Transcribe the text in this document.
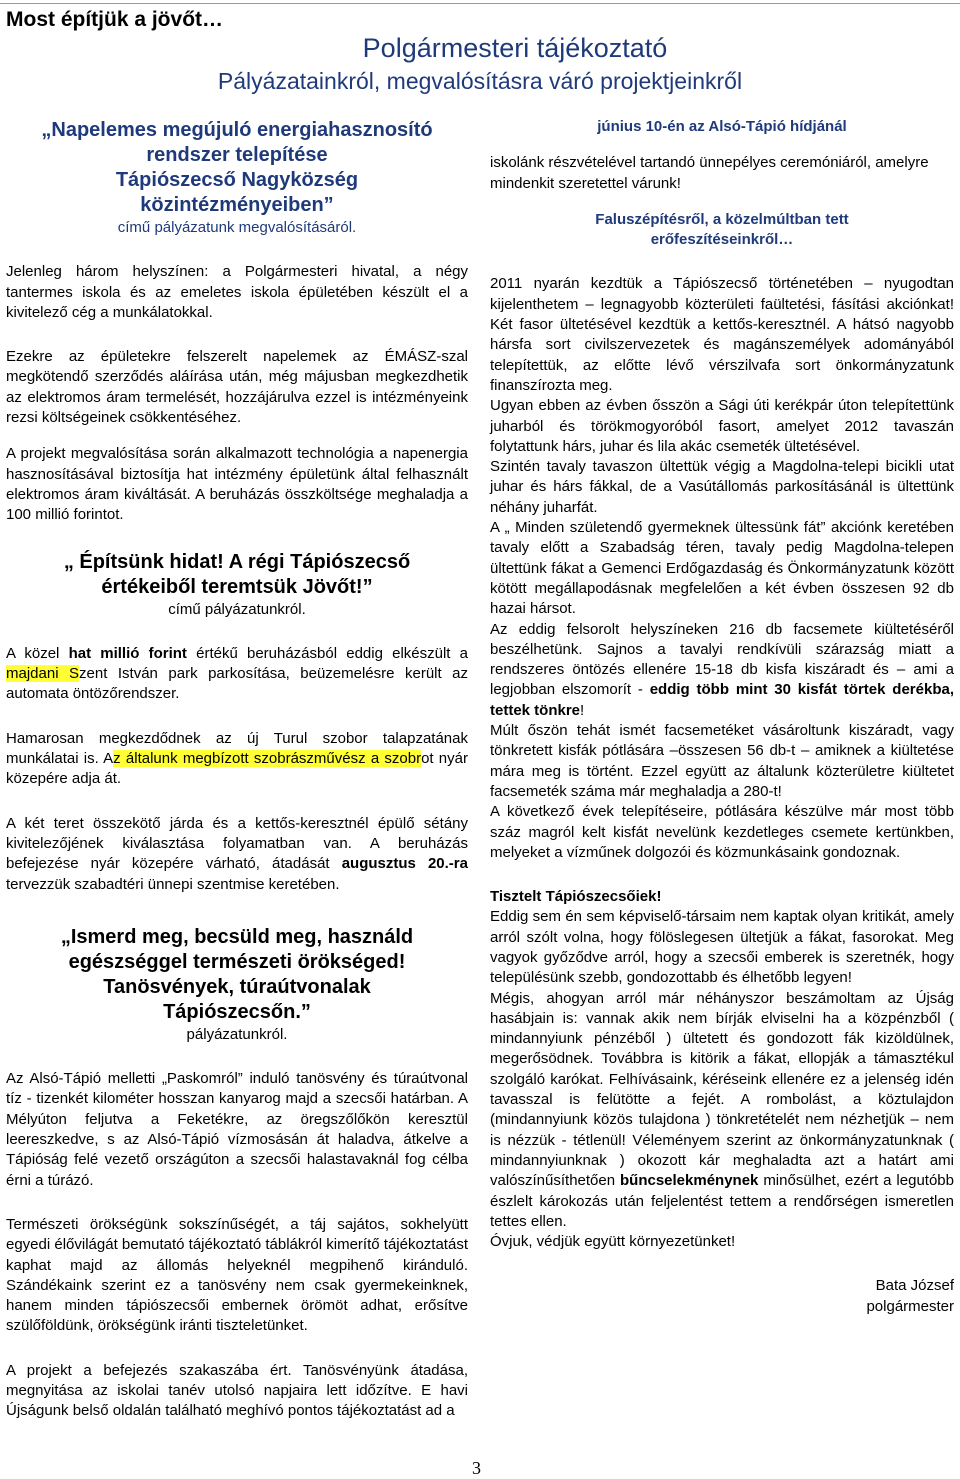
Most építjük a jövőt…
Polgármesteri tájékoztató
Pályázatainkról, megvalósításra váró projektjeinkről
„Napelemes megújuló energiahasznosító
rendszer telepítése
Tápiószecső Nagyközség
közintézményeiben”
című pályázatunk megvalósításáról.
Jelenleg három helyszínen: a Polgármesteri hivatal, a négy tantermes iskola és az emeletes iskola épületében készült el a kivitelező cég a munkálatokkal.
Ezekre az épületekre felszerelt napelemek az ÉMÁSZ-szal megkötendő szerződés aláírása után, még májusban megkezdhetik az elektromos áram termelését, hozzájárulva ezzel is intézményeink rezsi költségeinek csökkentéséhez.
A projekt megvalósítása során alkalmazott technológia a napenergia hasznosításával biztosítja hat intézmény épületünk által felhasznált elektromos áram kiváltását. A beruházás összköltsége meghaladja a 100 millió forintot.
„ Építsünk hidat! A régi Tápiószecső
értékeiből teremtsük Jövőt!”
című pályázatunkról.
A közel hat millió forint értékű beruházásból eddig elkészült a majdani Szent István park parkosítása, beüzemelésre került az automata öntözőrendszer.
Hamarosan megkezdődnek az új Turul szobor talapzatának munkálatai is. Az általunk megbízott szobrászművész a szobrot nyár közepére adja át.
A két teret összekötő járda és a kettős-keresztnél épülő sétány kivitelezőjének kiválasztása folyamatban van. A beruházás befejezése nyár közepére várható, átadását augusztus 20.-ra tervezzük szabadtéri ünnepi szentmise keretében.
„Ismerd meg, becsüld meg, használd
egészséggel természeti örökséged!
Tanösvények, túraútvonalak
Tápiószecsőn.”
pályázatunkról.
Az Alsó-Tápió melletti „Paskomról” induló tanösvény és túraútvonal tíz - tizenkét kilométer hosszan kanyarog majd a szecsői határban. A Mélyúton feljutva a Feketékre, az öregszőlőkön keresztül leereszkedve, s az Alsó-Tápió vízmosásán át haladva, átkelve a Tápióság felé vezető országúton a szecsői halastavaknál fog célba érni a túrázó.
Természeti örökségünk sokszínűségét, a táj sajátos, sokhelyütt egyedi élővilágát bemutató tájékoztató táblákról kimerítő tájékoztatást kaphat majd az állomás helyeknél megpihenő kiránduló. Szándékaink szerint ez a tanösvény nem csak gyermekeinknek, hanem minden tápiószecsői embernek örömöt adhat, erősítve szülőföldünk, örökségünk iránti tiszteletünket.
A projekt a befejezés szakaszába ért. Tanösvényünk átadása, megnyitása az iskolai tanév utolsó napjaira lett időzítve. E havi Újságunk belső oldalán található meghívó pontos tájékoztatást ad a
június 10-én az Alsó-Tápió hídjánál
iskolánk részvételével tartandó ünnepélyes ceremóniáról, amelyre mindenkit szeretettel várunk!
Faluszépítésről, a közelmúltban tett
erőfeszítéseinkről…
2011 nyarán kezdtük a Tápiószecső történetében – nyugodtan kijelenthetem – legnagyobb közterületi faültetési, fásítási akciónkat! Két fasor ültetésével kezdtük a kettős-keresztnél. A hátsó nagyobb hársfa sort civilszervezetek és magánszemélyek adományából telepítettük, az előtte lévő vérszilvafa sort önkormányzatunk finanszírozta meg.
Ugyan ebben az évben ősszön a Sági úti kerékpár úton telepítettünk juharból és törökmogyoróból fasort, amelyet 2012 tavaszán folytattunk hárs, juhar és lila akác csemeték ültetésével.
Szintén tavaly tavaszon ültettük végig a Magdolna-telepi bicikli utat juhar és hárs fákkal, de a Vasútállomás parkosításánál is ültettünk néhány juharfát.
A „ Minden születendő gyermeknek ültessünk fát” akciónk keretében tavaly előtt a Szabadság téren, tavaly pedig Magdolna-telepen ültettünk fákat a Gemenci Erdőgazdaság és Önkormányzatunk között kötött megállapodásnak megfelelően a két évben összesen 92 db hazai hársot.
Az eddig felsorolt helyszíneken 216 db facsemete kiültetéséről beszélhetünk. Sajnos a tavalyi rendkívüli szárazság miatt a rendszeres öntözés ellenére 15-18 db kisfa kiszáradt és – ami a legjobban elszomorít - eddig több mint 30 kisfát törtek derékba, tettek tönkre!
Múlt őszön tehát ismét facsemetéket vásároltunk kiszáradt, vagy tönkretett kisfák pótlására –összesen 56 db-t – amiknek a kiültetése mára meg is történt. Ezzel együtt az általunk közterületre kiültetet facsemeték száma már meghaladja a 280-t!
A következő évek telepítéseire, pótlására készülve már most több száz magról kelt kisfát nevelünk kezdetleges csemete kertünkben, melyeket a vízműnek dolgozói és közmunkásaink gondoznak.
Tisztelt Tápiószecsőiek!
Eddig sem én sem képviselő-társaim nem kaptak olyan kritikát, amely arról szólt volna, hogy fölöslegesen ültetjük a fákat, fasorokat. Meg vagyok győződve arról, hogy a szecsői emberek is szeretnék, hogy településünk szebb, gondozottabb és élhetőbb legyen!
Mégis, ahogyan arról már néhányszor beszámoltam az Újság hasábjain is: vannak akik nem bírják elviselni ha a közpénzből ( mindannyiunk pénzéből ) ültetett és gondozott fák kizöldülnek, megerősödnek. Továbbra is kitörik a fákat, ellopják a támasztékul szolgáló karókat. Felhívásaink, kéréseink ellenére ez a jelenség idén tavasszal is felütötte a fejét. A rombolást, a köztulajdon (mindannyiunk közös tulajdona ) tönkretételét nem nézhetjük – nem is nézzük - tétlenül! Véleményem szerint az önkormányzatunknak ( mindannyiunknak ) okozott kár meghaladta azt a határt ami valószínűsíthetően bűncselekménynek minősülhet, ezért a legutóbb észlelt károkozás után feljelentést tettem a rendőrségen ismeretlen tettes ellen.
Óvjuk, védjük együtt környezetünket!
Bata József
polgármester
3
